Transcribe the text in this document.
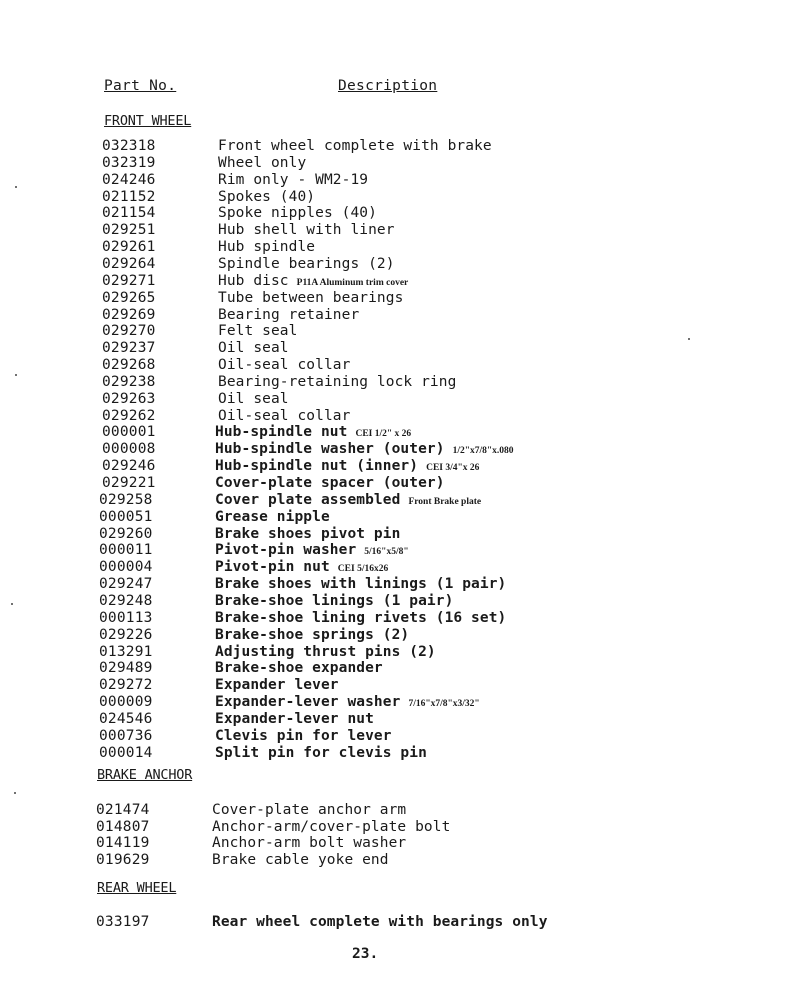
Part No.	Description
FRONT WHEEL
032318	Front wheel complete with brake
032319	Wheel only
024246	Rim only - WM2-19
021152	Spokes (40)
021154	Spoke nipples (40)
029251	Hub shell with liner
029261	Hub spindle
029264	Spindle bearings (2)
029271	Hub disc P11A Aluminum trim cover
029265	Tube between bearings
029269	Bearing retainer
029270	Felt seal
029237	Oil seal
029268	Oil-seal collar
029238	Bearing-retaining lock ring
029263	Oil seal
029262	Oil-seal collar
000001	Hub-spindle nut CEI 1/2" x 26
000008	Hub-spindle washer (outer) 1/2"x7/8"x.080
029246	Hub-spindle nut (inner) CEI 3/4"x 26
029221	Cover-plate spacer (outer)
029258	Cover plate assembled Front Brake plate
000051	Grease nipple
029260	Brake shoes pivot pin
000011	Pivot-pin washer 5/16"x5/8"
000004	Pivot-pin nut CEI 5/16x26
029247	Brake shoes with linings (1 pair)
029248	Brake-shoe linings (1 pair)
000113	Brake-shoe lining rivets (16 set)
029226	Brake-shoe springs (2)
013291	Adjusting thrust pins (2)
029489	Brake-shoe expander
029272	Expander lever
000009	Expander-lever washer 7/16"x7/8"x3/32"
024546	Expander-lever nut
000736	Clevis pin for lever
000014	Split pin for clevis pin
BRAKE ANCHOR
021474	Cover-plate anchor arm
014807	Anchor-arm/cover-plate bolt
014119	Anchor-arm bolt washer
019629	Brake cable yoke end
REAR WHEEL
033197	Rear wheel complete with bearings only
23.
